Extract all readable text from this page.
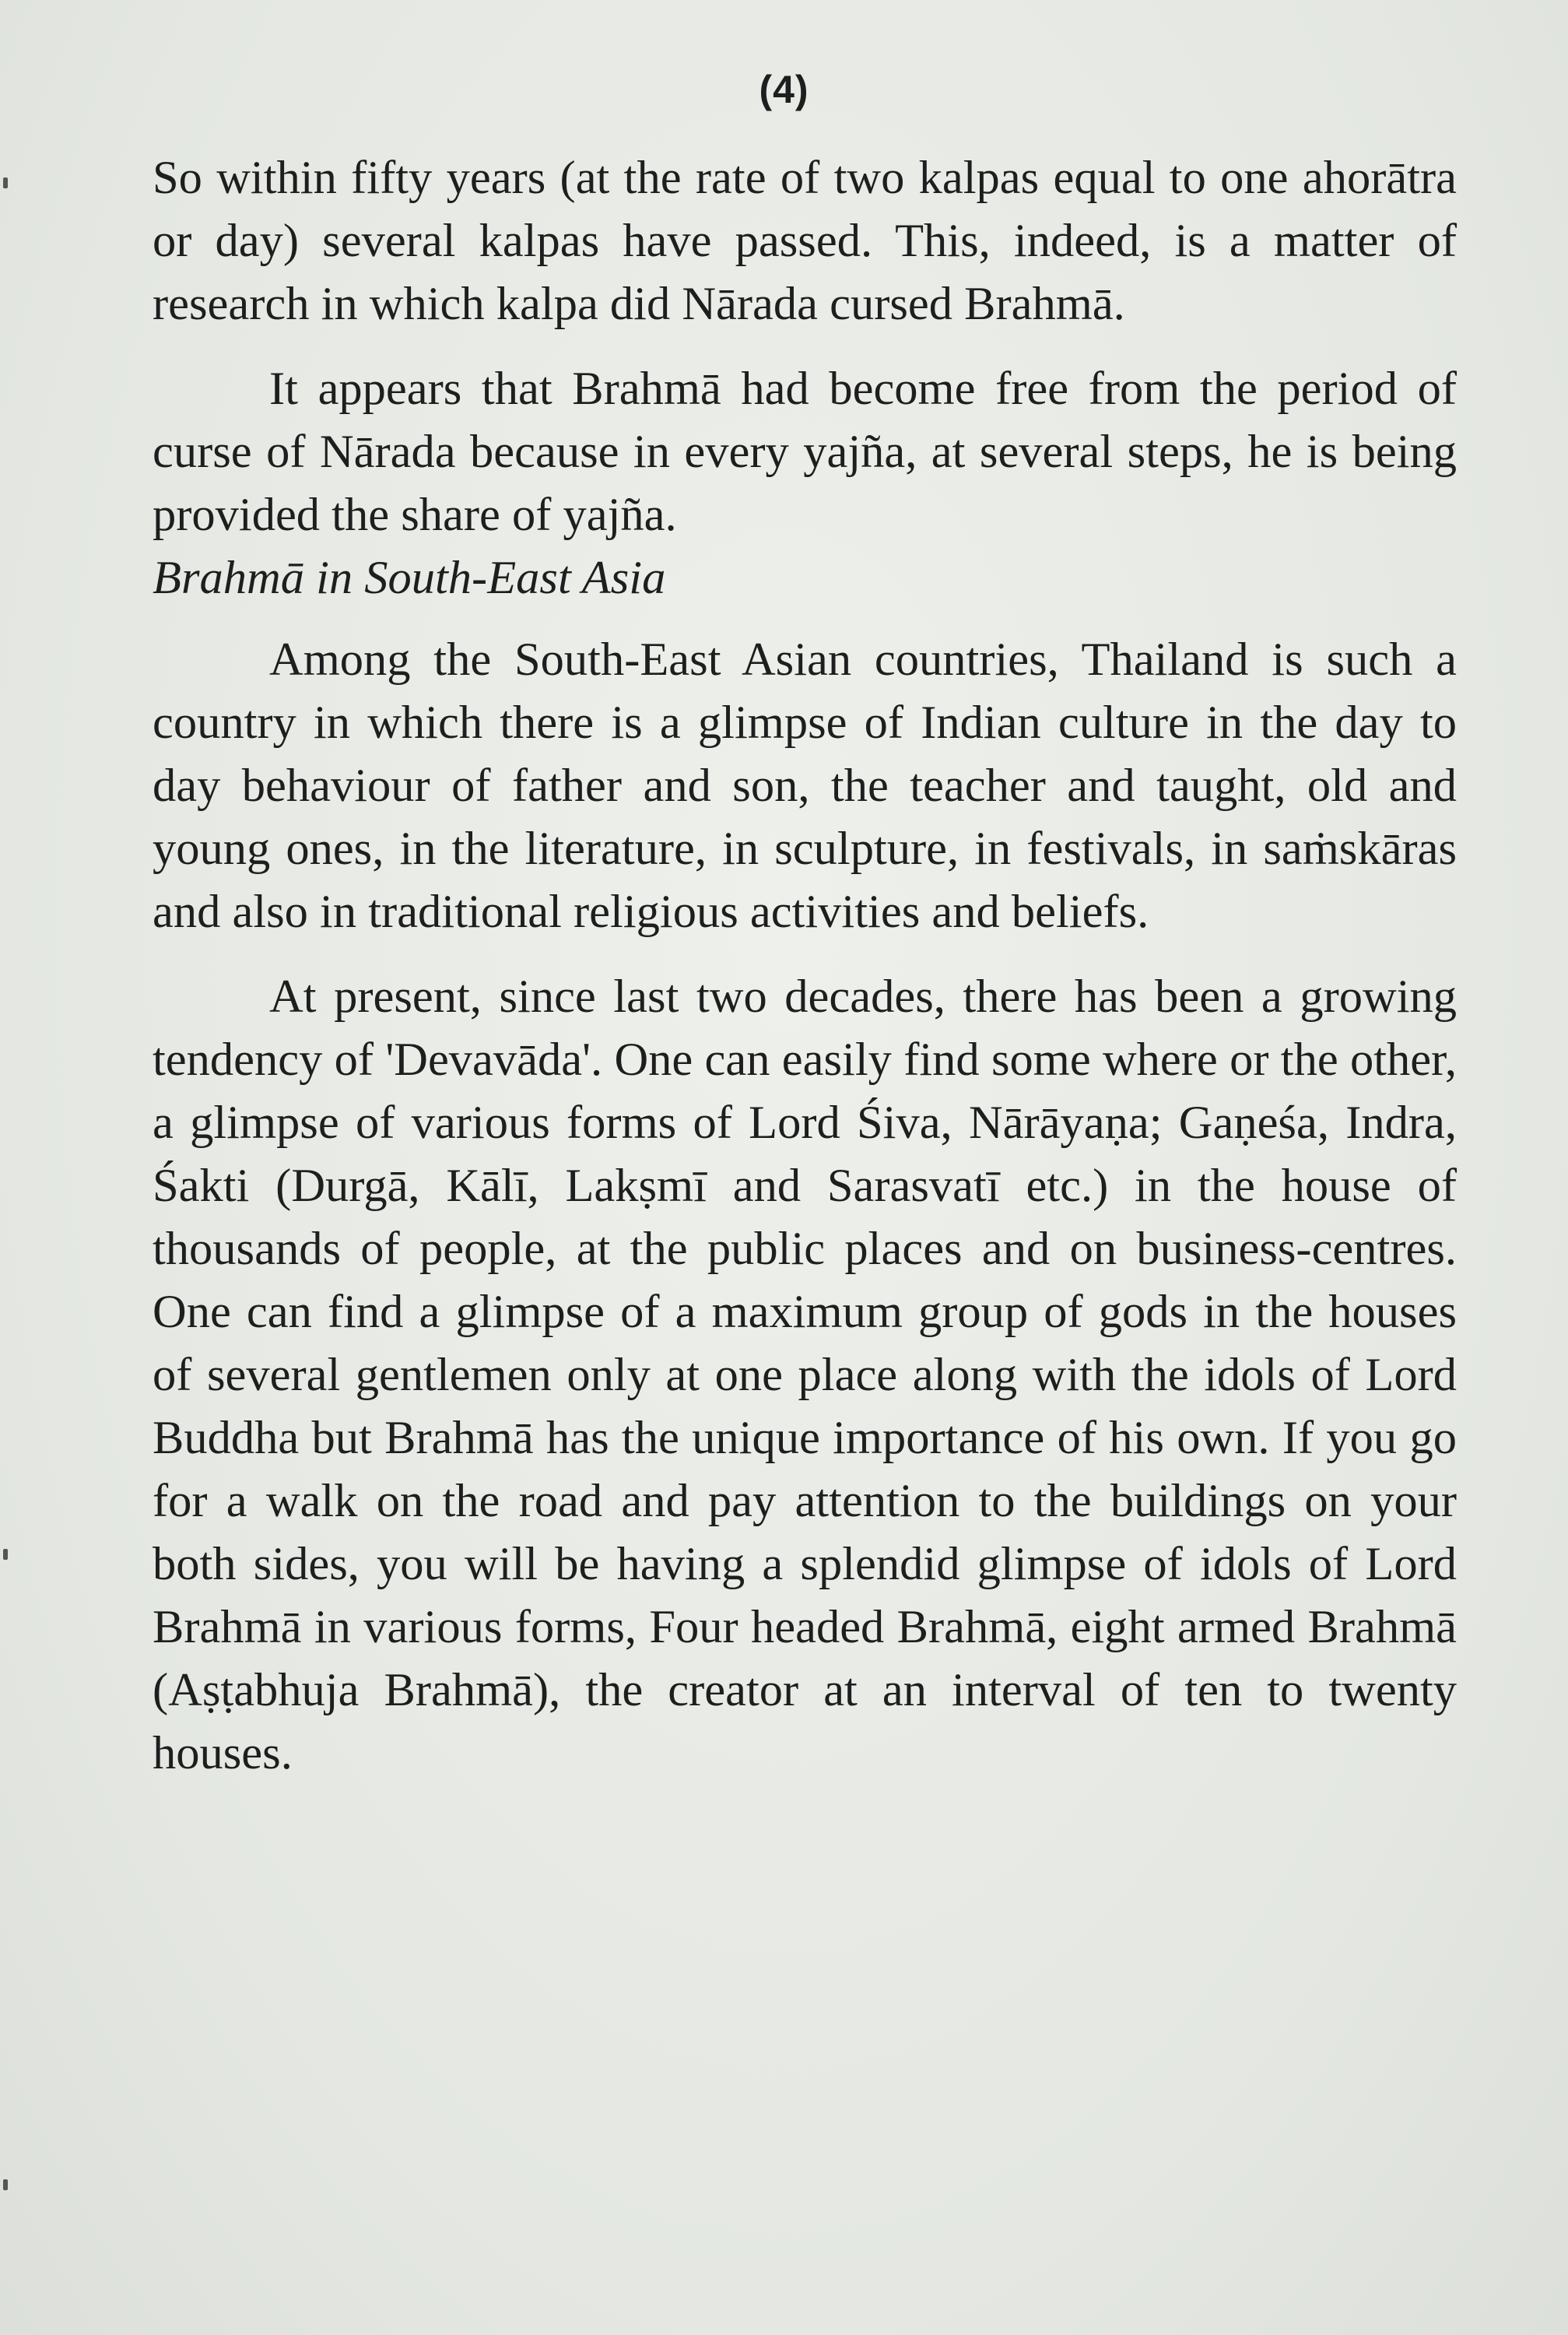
(4)

So within fifty years (at the rate of two kalpas equal to one ahorātra or day) several kalpas have passed. This, indeed, is a matter of research in which kalpa did Nārada cursed Brahmā.

It appears that Brahmā had become free from the period of curse of Nārada because in every yajña, at several steps, he is being provided the share of yajña.

Brahmā in South-East Asia

Among the South-East Asian countries, Thailand is such a country in which there is a glimpse of Indian culture in the day to day behaviour of father and son, the teacher and taught, old and young ones, in the literature, in sculpture, in festivals, in saṁskāras and also in traditional religious activities and beliefs.

At present, since last two decades, there has been a growing tendency of 'Devavāda'. One can easily find some where or the other, a glimpse of various forms of Lord Śiva, Nārāyaṇa; Gaṇeśa, Indra, Śakti (Durgā, Kālī, Lakṣmī and Sarasvatī etc.) in the house of thousands of people, at the public places and on business-centres. One can find a glimpse of a maximum group of gods in the houses of several gentlemen only at one place along with the idols of Lord Buddha but Brahmā has the unique importance of his own. If you go for a walk on the road and pay attention to the buildings on your both sides, you will be having a splendid glimpse of idols of Lord Brahmā in various forms, Four headed Brahmā, eight armed Brahmā (Aṣṭabhuja Brahmā), the creator at an interval of ten to twenty houses.
